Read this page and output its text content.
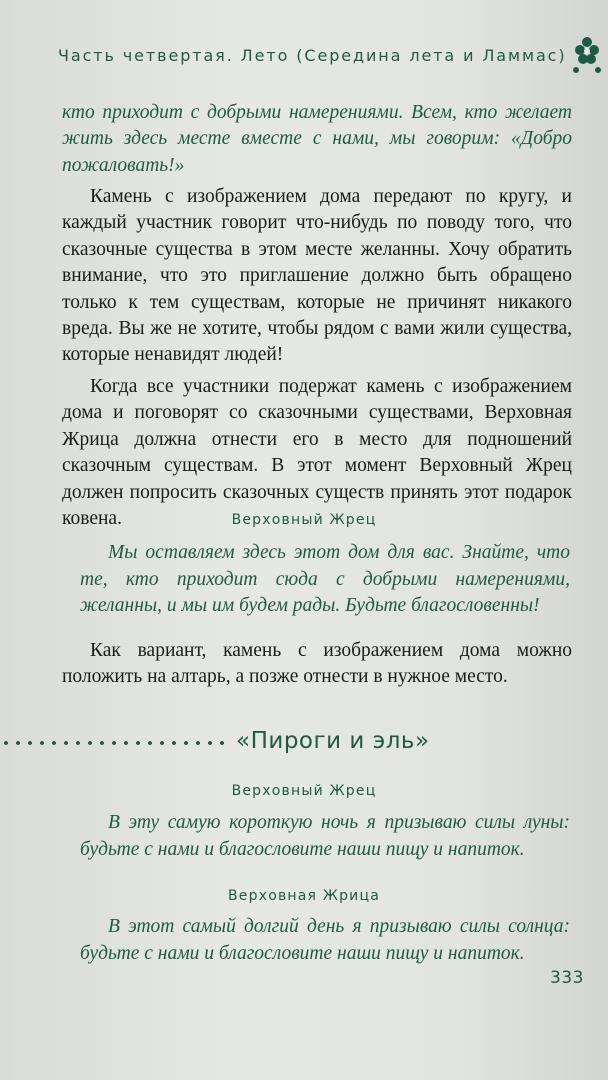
Часть четвертая. Лето (Середина лета и Ламмас)

кто приходит с добрыми намерениями. Всем, кто желает жить здесь месте вместе с нами, мы говорим: «Добро пожаловать!»

Камень с изображением дома передают по кругу, и каждый участник говорит что-нибудь по поводу того, что сказочные существа в этом месте желанны. Хочу обратить внимание, что это приглашение должно быть обращено только к тем существам, которые не причинят никакого вреда. Вы же не хотите, чтобы рядом с вами жили существа, которые ненавидят людей!

Когда все участники подержат камень с изображением дома и поговорят со сказочными существами, Верховная Жрица должна отнести его в место для подношений сказочным существам. В этот момент Верховный Жрец должен попросить сказочных существ принять этот подарок ковена.	Верховный Жрец

Мы оставляем здесь этот дом для вас. Знайте, что те, кто приходит сюда с добрыми намерениями, желанны, и мы им будем рады. Будьте благословенны!

Как вариант, камень с изображением дома можно положить на алтарь, а позже отнести в нужное место.

«Пироги и эль»
Верховный Жрец

В эту самую короткую ночь я призываю силы луны: будьте с нами и благословите наши пищу и напиток.

Верховная Жрица

В этот самый долгий день я призываю силы солнца: будьте с нами и благословите наши пищу и напиток.

333
